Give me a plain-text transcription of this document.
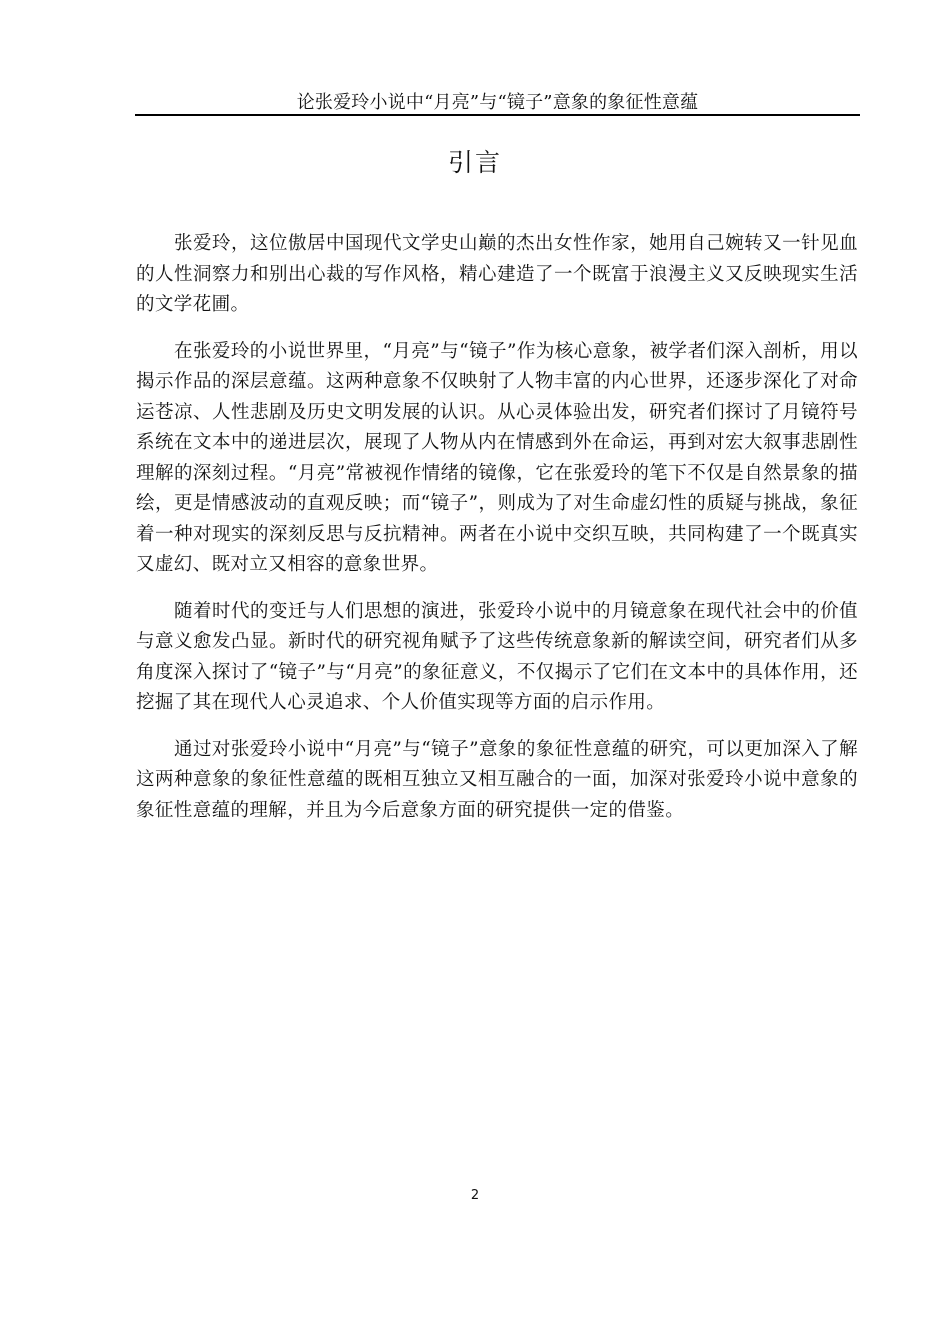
论张爱玲小说中“月亮”与“镜子”意象的象征性意蕴
引言

张爱玲，这位傲居中国现代文学史山巅的杰出女性作家，她用自己婉转又一针见血的人性洞察力和别出心裁的写作风格，精心建造了一个既富于浪漫主义又反映现实生活的文学花圃。

在张爱玲的小说世界里，“月亮”与“镜子”作为核心意象，被学者们深入剖析，用以揭示作品的深层意蕴。这两种意象不仅映射了人物丰富的内心世界，还逐步深化了对命运苍凉、人性悲剧及历史文明发展的认识。从心灵体验出发，研究者们探讨了月镜符号系统在文本中的递进层次，展现了人物从内在情感到外在命运，再到对宏大叙事悲剧性理解的深刻过程。“月亮”常被视作情绪的镜像，它在张爱玲的笔下不仅是自然景象的描绘，更是情感波动的直观反映；而“镜子”，则成为了对生命虚幻性的质疑与挑战，象征着一种对现实的深刻反思与反抗精神。两者在小说中交织互映，共同构建了一个既真实又虚幻、既对立又相容的意象世界。

随着时代的变迁与人们思想的演进，张爱玲小说中的月镜意象在现代社会中的价值与意义愈发凸显。新时代的研究视角赋予了这些传统意象新的解读空间，研究者们从多角度深入探讨了“镜子”与“月亮”的象征意义，不仅揭示了它们在文本中的具体作用，还挖掘了其在现代人心灵追求、个人价值实现等方面的启示作用。

通过对张爱玲小说中“月亮”与“镜子”意象的象征性意蕴的研究，可以更加深入了解这两种意象的象征性意蕴的既相互独立又相互融合的一面，加深对张爱玲小说中意象的象征性意蕴的理解，并且为今后意象方面的研究提供一定的借鉴。

2
